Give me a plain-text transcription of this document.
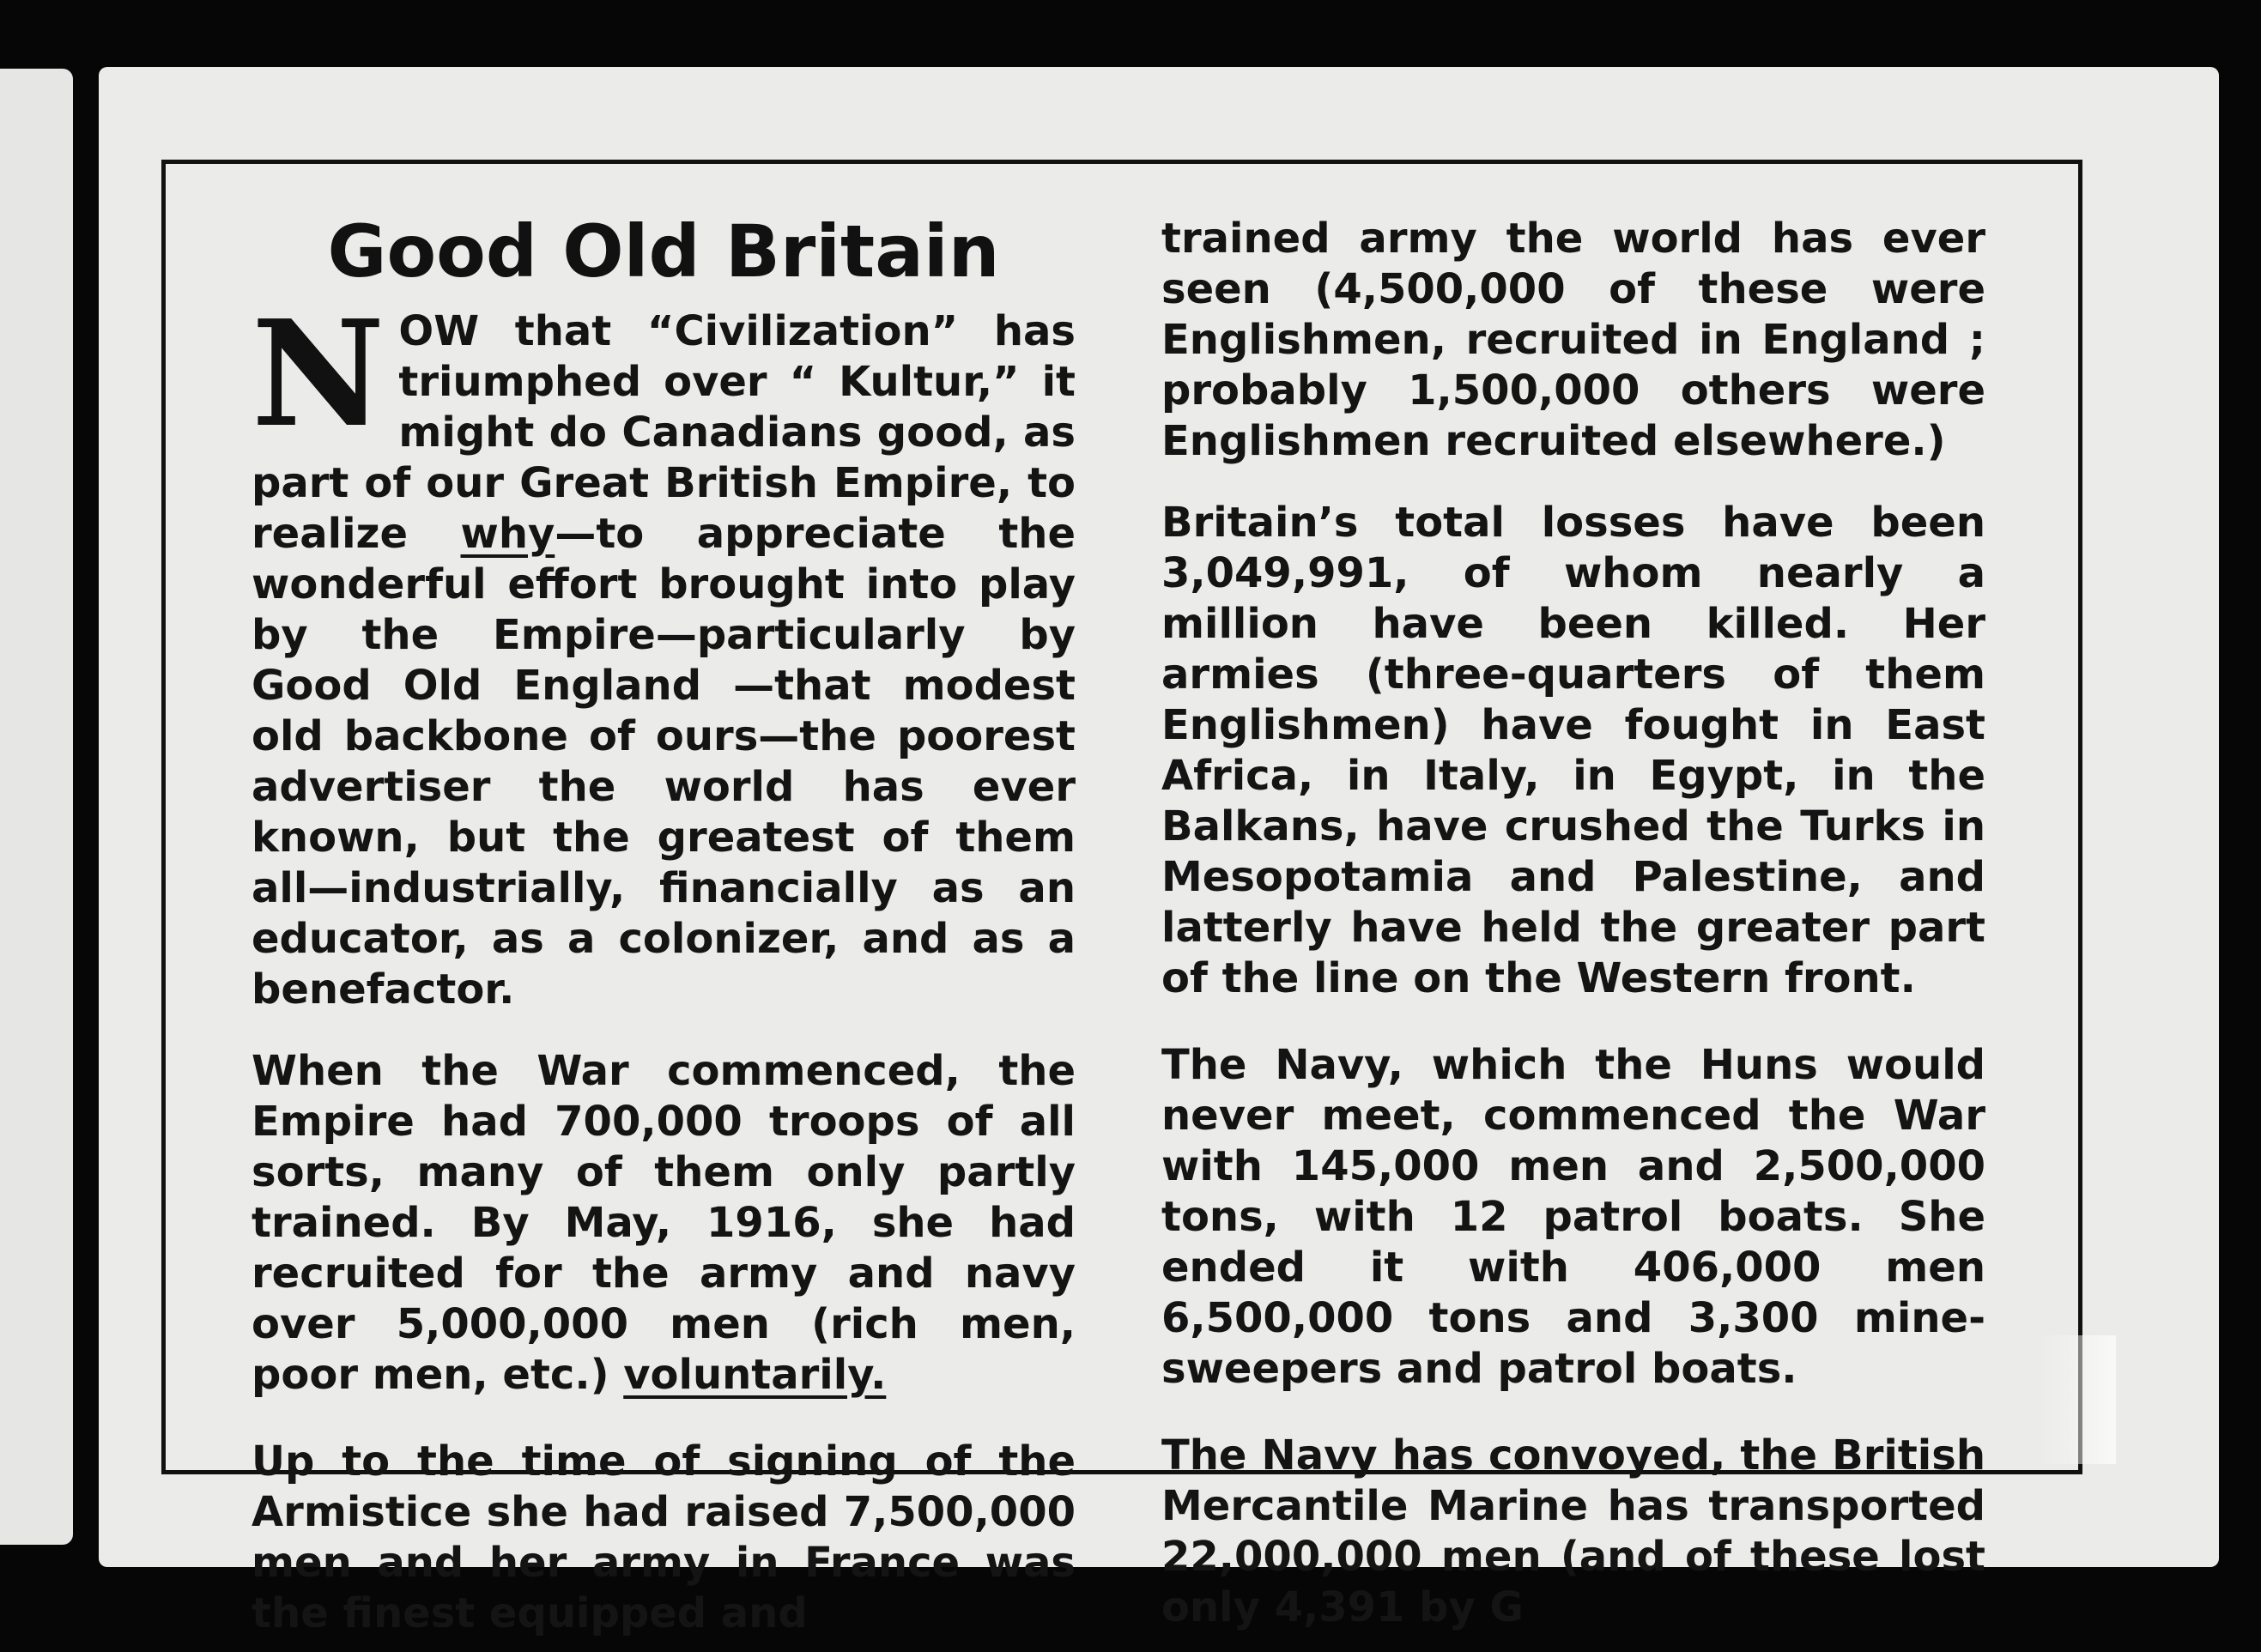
Good Old Britain

NOW that “Civilization” has triumphed over “ Kultur,” it might do Canadians good, as part of our Great British Empire, to realize why—to appreciate the wonderful effort brought into play by the Empire—particularly by Good Old England —that modest old backbone of ours—the poorest advertiser the world has ever known, but the greatest of them all—industrially, financially as an educator, as a colonizer, and as a benefactor.

When the War commenced, the Empire had 700,000 troops of all sorts, many of them only partly trained. By May, 1916, she had recruited for the army and navy over 5,000,000 men (rich men, poor men, etc.) voluntarily.

Up to the time of signing of the Armistice she had raised 7,500,000 men and her army in France was the finest equipped and

trained army the world has ever seen (4,500,000 of these were Englishmen, recruited in England ; probably 1,500,000 others were Englishmen recruited elsewhere.)

Britain’s total losses have been 3,049,991, of whom nearly a million have been killed. Her armies (three-quarters of them Englishmen) have fought in East Africa, in Italy, in Egypt, in the Balkans, have crushed the Turks in Mesopotamia and Palestine, and latterly have held the greater part of the line on the Western front.

The Navy, which the Huns would never meet, commenced the War with 145,000 men and 2,500,000 tons, with 12 patrol boats. She ended it with 406,000 men 6,500,000 tons and 3,300 mine-sweepers and patrol boats.

The Navy has convoyed, the British Mercantile Marine has transported 22,000,000 men (and of these lost only 4,391 by G
